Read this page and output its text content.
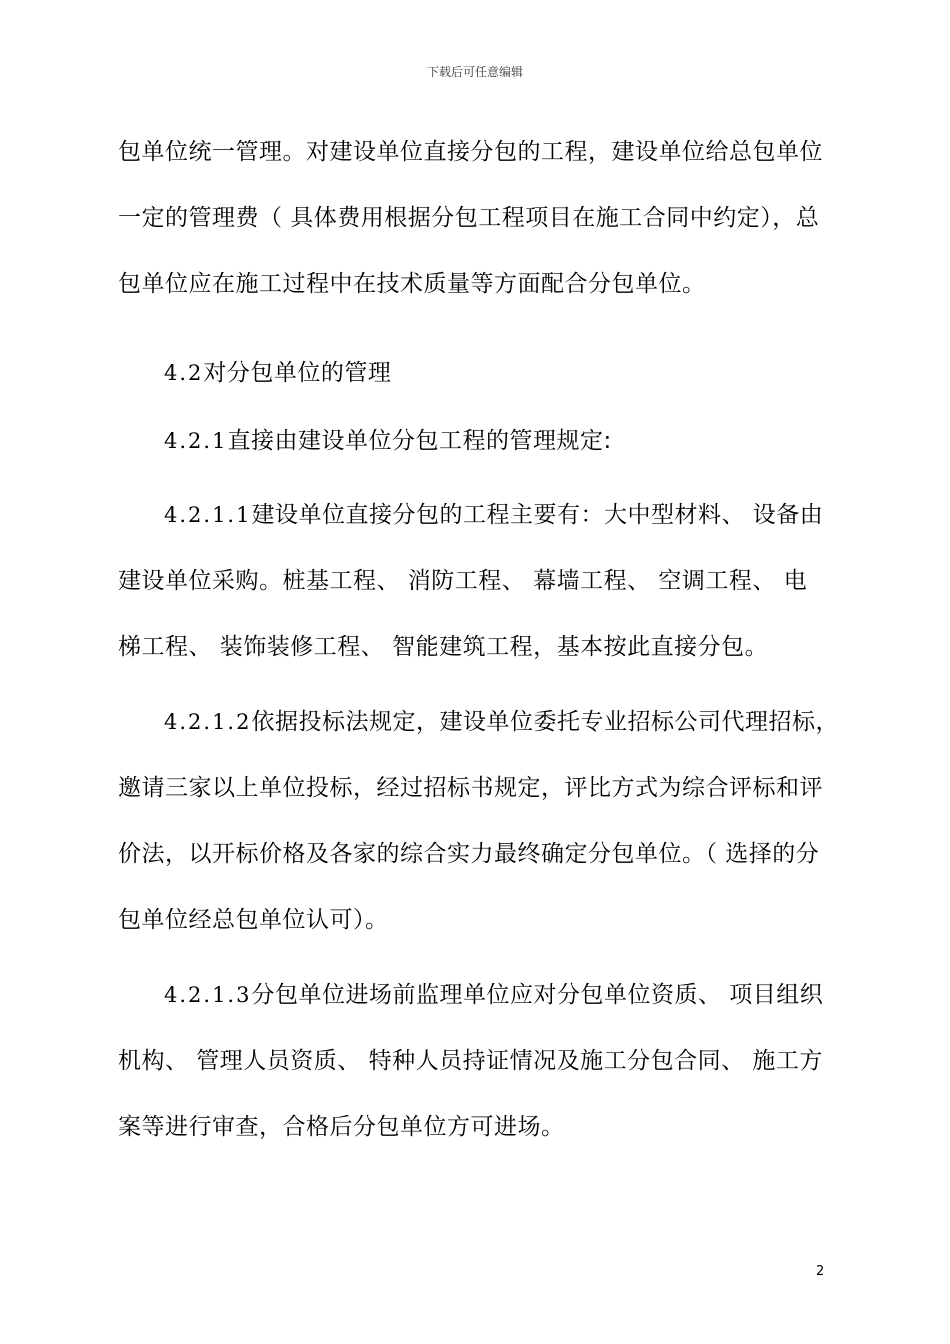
下载后可任意编辑
包单位统一管理。对建设单位直接分包的工程，建设单位给总包单位
一定的管理费（ 具体费用根据分包工程项目在施工合同中约定），总
包单位应在施工过程中在技术质量等方面配合分包单位。
4.2对分包单位的管理
4.2.1直接由建设单位分包工程的管理规定:
4.2.1.1建设单位直接分包的工程主要有：大中型材料、 设备由
建设单位采购。桩基工程、 消防工程、 幕墙工程、 空调工程、 电
梯工程、 装饰装修工程、 智能建筑工程，基本按此直接分包。
4.2.1.2依据投标法规定，建设单位委托专业招标公司代理招标，
邀请三家以上单位投标，经过招标书规定，评比方式为综合评标和评
价法，以开标价格及各家的综合实力最终确定分包单位。（ 选择的分
包单位经总包单位认可）。
4.2.1.3分包单位进场前监理单位应对分包单位资质、 项目组织
机构、 管理人员资质、 特种人员持证情况及施工分包合同、 施工方
案等进行审查，合格后分包单位方可进场。
2
